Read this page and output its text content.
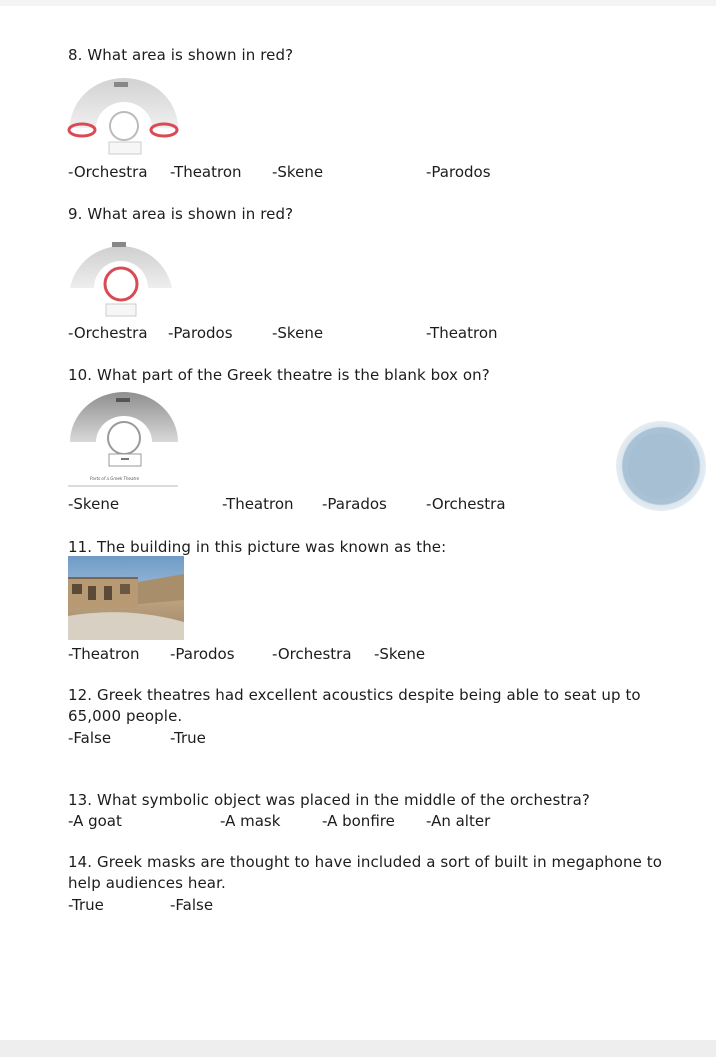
8. What area is shown in red?
-Orchestra -Theatron -Skene	-Parodos
9. What area is shown in red?
-Orchestra -Parodos	-Skene	-Theatron
10. What part of the Greek theatre is the blank box on?
Parts of a Greek Theatre
-Skene	-Theatron -Parados	-Orchestra
11. The building in this picture was known as the:
-Theatron -Parodos -Orchestra -Skene
12. Greek theatres had excellent acoustics despite being able to seat up to
65,000 people.
-False	-True
13. What symbolic object was placed in the middle of the orchestra?
-A goat	-A mask	-A bonfire -An alter
14. Greek masks are thought to have included a sort of built in megaphone to
help audiences hear.
-True	-False
